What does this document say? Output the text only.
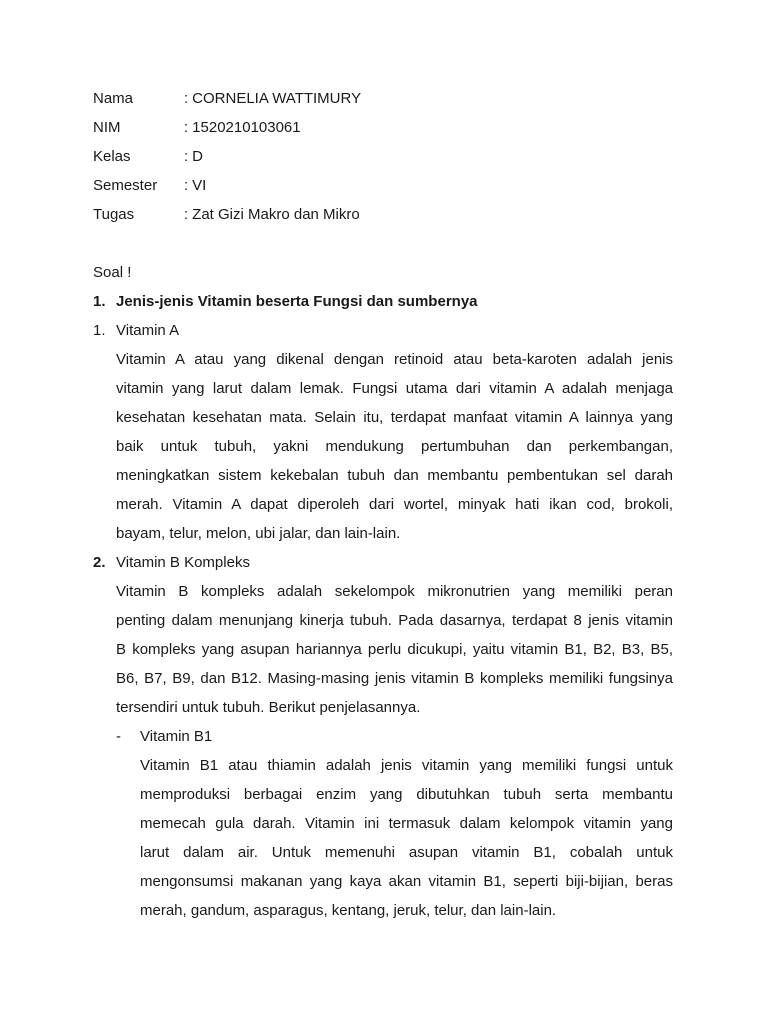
Nama	: CORNELIA WATTIMURY
NIM	: 1520210103061
Kelas	: D
Semester : VI
Tugas	: Zat Gizi Makro dan Mikro
Soal !
1. Jenis-jenis Vitamin beserta Fungsi dan sumbernya
1. Vitamin A
Vitamin A atau yang dikenal dengan retinoid atau beta-karoten adalah jenis
vitamin yang larut dalam lemak. Fungsi utama dari vitamin A adalah menjaga
kesehatan kesehatan mata. Selain itu, terdapat manfaat vitamin A lainnya yang
baik untuk tubuh, yakni mendukung pertumbuhan dan perkembangan,
meningkatkan sistem kekebalan tubuh dan membantu pembentukan sel darah
merah. Vitamin A dapat diperoleh dari wortel, minyak hati ikan cod, brokoli,
bayam, telur, melon, ubi jalar, dan lain-lain.
2. Vitamin B Kompleks
Vitamin B kompleks adalah sekelompok mikronutrien yang memiliki peran
penting dalam menunjang kinerja tubuh. Pada dasarnya, terdapat 8 jenis vitamin
B kompleks yang asupan hariannya perlu dicukupi, yaitu vitamin B1, B2, B3, B5,
B6, B7, B9, dan B12. Masing-masing jenis vitamin B kompleks memiliki fungsinya
tersendiri untuk tubuh. Berikut penjelasannya.
- Vitamin B1
Vitamin B1 atau thiamin adalah jenis vitamin yang memiliki fungsi untuk
memproduksi berbagai enzim yang dibutuhkan tubuh serta membantu
memecah gula darah. Vitamin ini termasuk dalam kelompok vitamin yang
larut dalam air. Untuk memenuhi asupan vitamin B1, cobalah untuk
mengonsumsi makanan yang kaya akan vitamin B1, seperti biji-bijian, beras
merah, gandum, asparagus, kentang, jeruk, telur, dan lain-lain.
